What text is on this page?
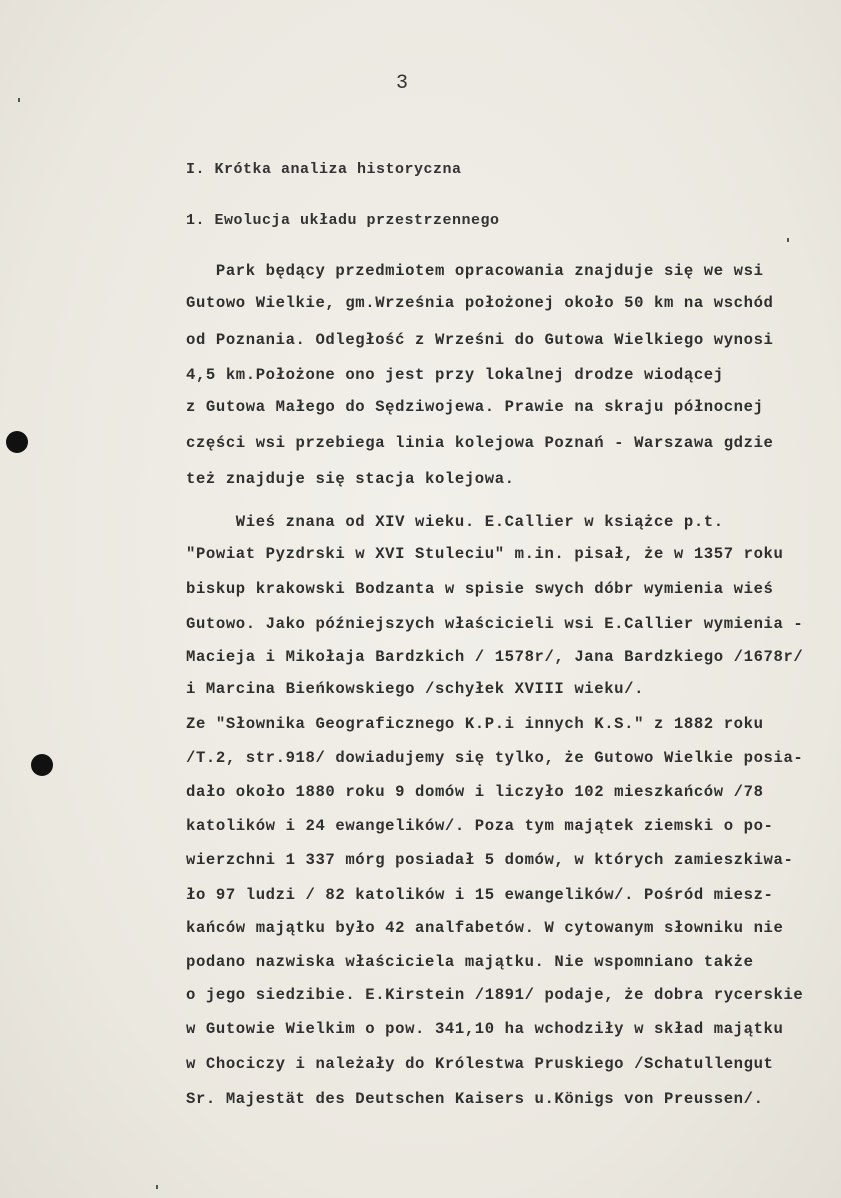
3
I. Krótka analiza historyczna
1. Ewolucja układu przestrzennego
Park będący przedmiotem opracowania znajduje się we wsi
Gutowo Wielkie, gm.Września położonej około 50 km na wschód
od Poznania. Odległość z Wrześni do Gutowa Wielkiego wynosi
4,5 km.Położone ono jest przy lokalnej drodze wiodącej
z Gutowa Małego do Sędziwojewa. Prawie na skraju północnej
części wsi przebiega linia kolejowa Poznań - Warszawa gdzie
też znajduje się stacja kolejowa.
Wieś znana od XIV wieku. E.Callier w książce p.t.
"Powiat Pyzdrski w XVI Stuleciu" m.in. pisał, że w 1357 roku
biskup krakowski Bodzanta w spisie swych dóbr wymienia wieś
Gutowo. Jako późniejszych właścicieli wsi E.Callier wymienia -
Macieja i Mikołaja Bardzkich / 1578r/, Jana Bardzkiego /1678r/
i Marcina Bieńkowskiego /schyłek XVIII wieku/.
Ze "Słownika Geograficznego K.P.i innych K.S." z 1882 roku
/T.2, str.918/ dowiadujemy się tylko, że Gutowo Wielkie posia-
dało około 1880 roku 9 domów i liczyło 102 mieszkańców /78
katolików i 24 ewangelików/. Poza tym majątek ziemski o po-
wierzchni 1 337 mórg posiadał 5 domów, w których zamieszkiwa-
ło 97 ludzi / 82 katolików i 15 ewangelików/. Pośród miesz-
kańców majątku było 42 analfabetów. W cytowanym słowniku nie
podano nazwiska właściciela majątku. Nie wspomniano także
o jego siedzibie. E.Kirstein /1891/ podaje, że dobra rycerskie
w Gutowie Wielkim o pow. 341,10 ha wchodziły w skład majątku
w Chociczy i należały do Królestwa Pruskiego /Schatullengut
Sr. Majestät des Deutschen Kaisers u.Königs von Preussen/.
